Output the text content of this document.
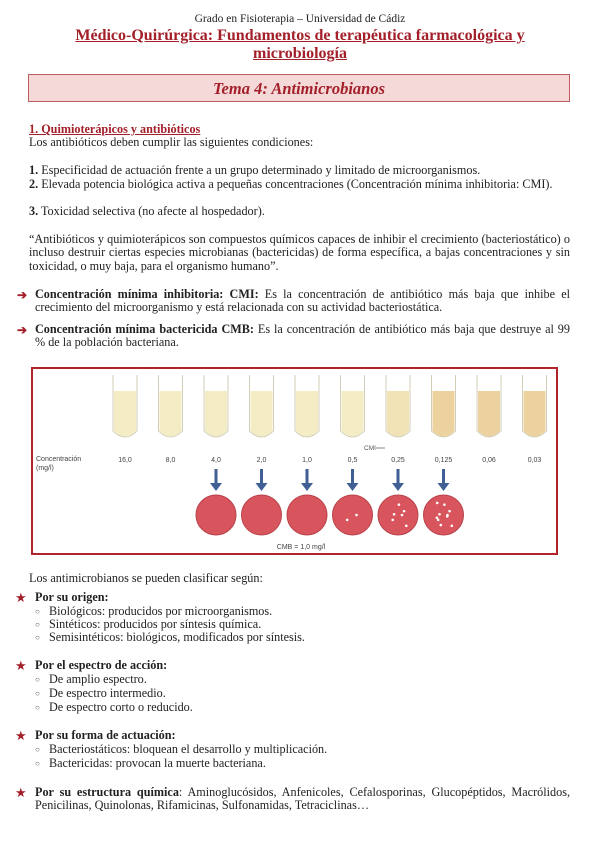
Grado en Fisioterapia – Universidad de Cádiz
Médico-Quirúrgica: Fundamentos de terapéutica farmacológica y microbiología
Tema 4: Antimicrobianos
1. Quimioterápicos y antibióticos
Los antibióticos deben cumplir las siguientes condiciones:
1. Especificidad de actuación frente a un grupo determinado y limitado de microorganismos.
2. Elevada potencia biológica activa a pequeñas concentraciones (Concentración mínima inhibitoria: CMI).
3. Toxicidad selectiva (no afecte al hospedador).
“Antibióticos y quimioterápicos son compuestos químicos capaces de inhibir el crecimiento (bacteriostático) o incluso destruir ciertas especies microbianas (bactericidas) de forma específica, a bajas concentraciones y sin toxicidad, o muy baja, para el organismo humano”.
➔ Concentración mínima inhibitoria: CMI: Es la concentración de antibiótico más baja que inhibe el crecimiento del microorganismo y está relacionada con su actividad bacteriostática.
➔ Concentración mínima bactericida CMB: Es la concentración de antibiótico más baja que destruye al 99 % de la población bacteriana.
Concentración
(mg/l)
16,0	8,0	4,0	2,0	1,0	0,5	0,25	0,125	0,06	0,03
CMI
CMB = 1,0 mg/l
Los antimicrobianos se pueden clasificar según:
★ Por su origen:
○ Biológicos: producidos por microorganismos.
○ Sintéticos: producidos por síntesis química.
○ Semisintéticos: biológicos, modificados por síntesis.
★ Por el espectro de acción:
○ De amplio espectro.
○ De espectro intermedio.
○ De espectro corto o reducido.
★ Por su forma de actuación:
○ Bacteriostáticos: bloquean el desarrollo y multiplicación.
○ Bactericidas: provocan la muerte bacteriana.
★ Por su estructura química: Aminoglucósidos, Anfenicoles, Cefalosporinas, Glucopéptidos, Macrólidos, Penicilinas, Quinolonas, Rifamicinas, Sulfonamidas, Tetraciclinas…
